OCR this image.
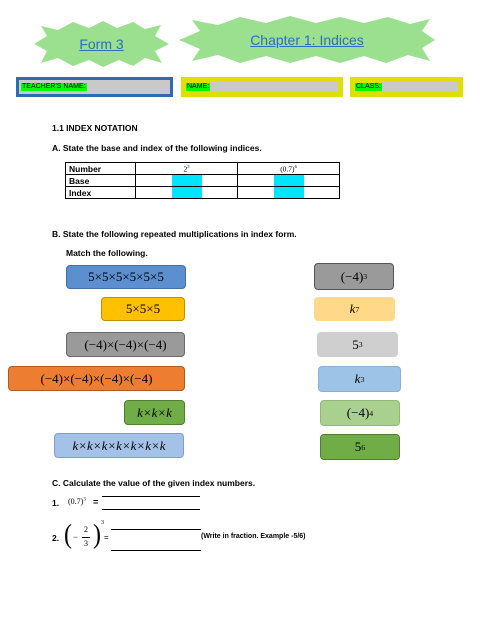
Form 3	Chapter 1: Indices
TEACHER'S NAME:	NAME:	CLASS:
1.1 INDEX NOTATION
A. State the base and index of the following indices.
Number	$2^5$	$(0.7)^6$
Base	

Index	

B. State the following repeated multiplications in index form.
Match the following.
5×5×5×5×5×5
5×5×5
(−4)×(−4)×(−4)
(−4)×(−4)×(−4)×(−4)
k×k×k
k×k×k×k×k×k×k
(−4) 3
k 7
5 3
k 3
(−4) 4
5 6
C. Calculate the value of the given index numbers.
1. $(0.7)^3$ =
2. ( −
2
3 ) 3
=	(Write in fraction. Example -5/6)
